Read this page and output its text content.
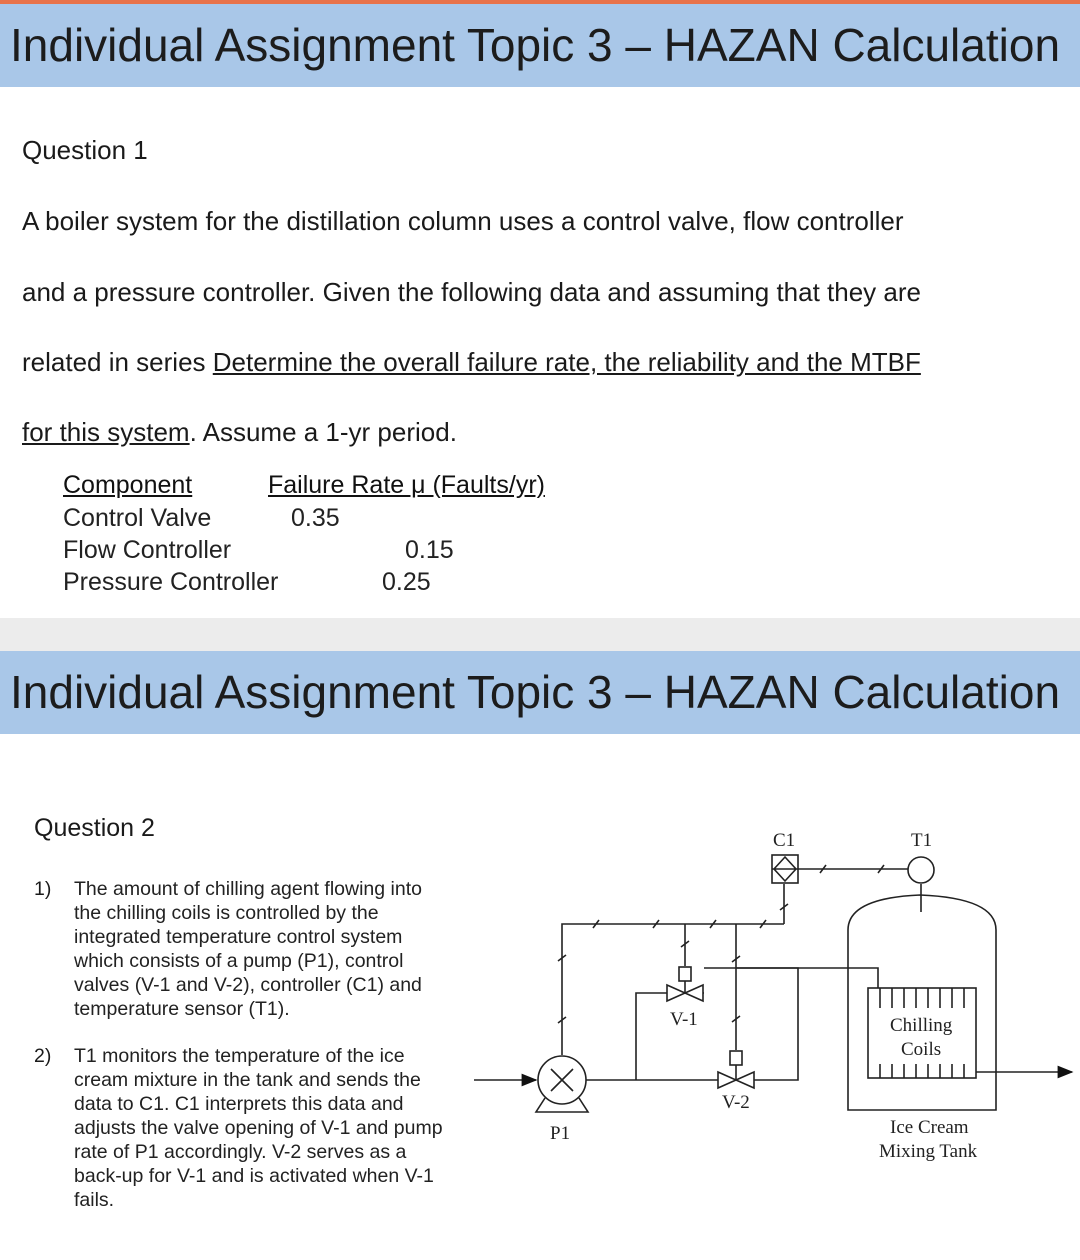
Individual Assignment Topic 3 – HAZAN Calculation
Question 1
A boiler system for the distillation column uses a control valve, flow controller
and a pressure controller. Given the following data and assuming that they are
related in series Determine the overall failure rate, the reliability and the MTBF
for this system. Assume a 1-yr period.
Component	Failure Rate μ (Faults/yr)
Control Valve	0.35
Flow Controller	0.15
Pressure Controller	0.25
Individual Assignment Topic 3 – HAZAN Calculation
Question 2
1) The amount of chilling agent flowing into
the chilling coils is controlled by the
integrated temperature control system
which consists of a pump (P1), control
valves (V-1 and V-2), controller (C1) and
temperature sensor (T1).
2) T1 monitors the temperature of the ice
cream mixture in the tank and sends the
data to C1. C1 interprets this data and
adjusts the valve opening of V-1 and pump
rate of P1 accordingly. V-2 serves as a
back-up for V-1 and is activated when V-1
fails.
C1	T1
V-1
V-2
P1
Chilling
Coils
Ice Cream
Mixing Tank
